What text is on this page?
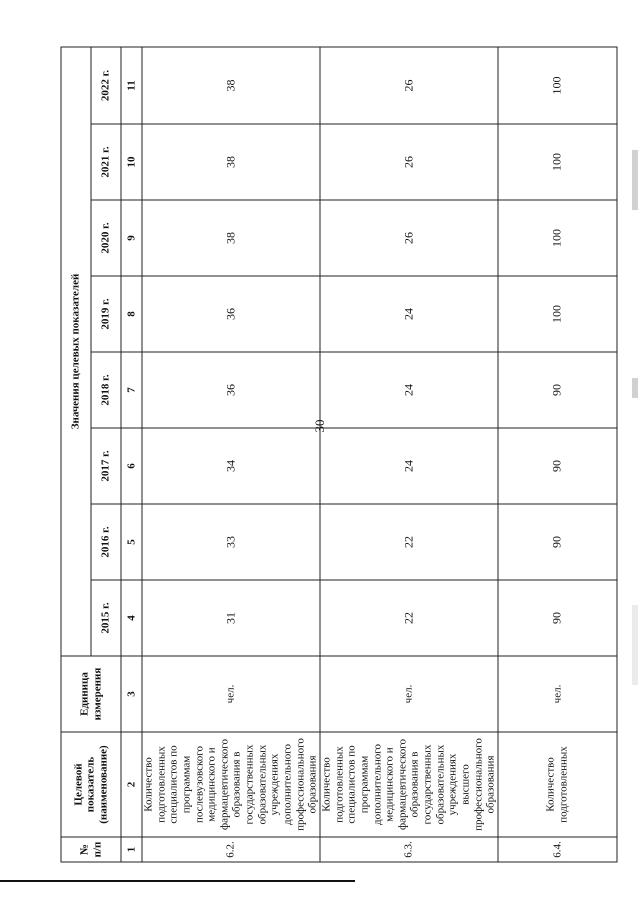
30
№ п/п	Целевой показатель (наименование)	Единица измерения	Значения целевых показателей							
			2015 г.	2016 г.	2017 г.	2018 г.	2019 г.	2020 г.	2021 г.	2022 г.
1	2	3	4	5	6	7	8	9	10	11
6.2.	Количество подготовленных специалистов по программам послевузовского медицинского и фармацевтического образования в государственных образовательных учреждениях дополнительного профессионального образования	чел.	31	33	34	36	36	38	38	38
6.3.	Количество подготовленных специалистов по программам дополнительного медицинского и фармацевтического образования в государственных образовательных учреждениях высшего профессионального образования	чел.	22	22	24	24	24	26	26	26
6.4.	Количество подготовленных	чел.	90	90	90	90	100	100	100	100
